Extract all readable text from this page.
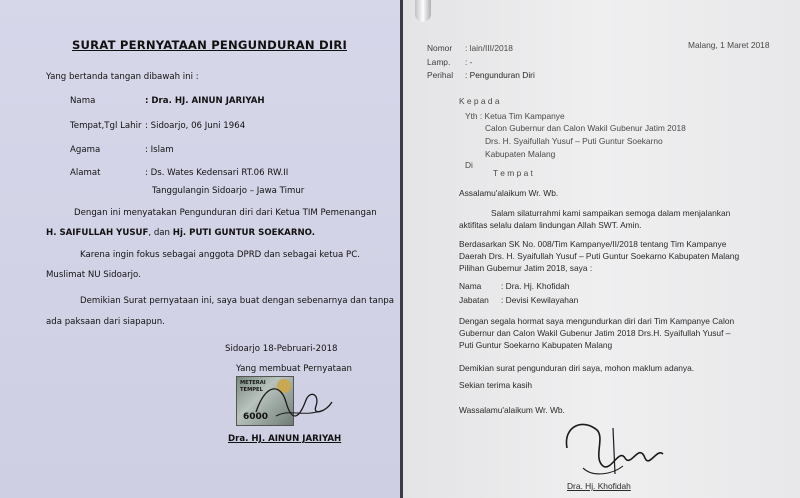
SURAT PERNYATAAN PENGUNDURAN DIRI
Yang bertanda tangan dibawah ini :
Nama	: Dra. HJ. AINUN JARIYAH
Tempat,Tgl Lahir : Sidoarjo, 06 Juni 1964
Agama	: Islam
Alamat	: Ds. Wates Kedensari RT.06 RW.II
Tanggulangin Sidoarjo – Jawa Timur
Dengan ini menyatakan Pengunduran diri dari Ketua TIM Pemenangan
H. SAIFULLAH YUSUF, dan Hj. PUTI GUNTUR SOEKARNO.
Karena ingin fokus sebagai anggota DPRD dan sebagai ketua PC.
Muslimat NU Sidoarjo.
Demikian Surat pernyataan ini, saya buat dengan sebenarnya dan tanpa
ada paksaan dari siapapun.
Sidoarjo 18-Pebruari-2018
Yang membuat Pernyataan
METERAI
TEMPEL
6000
Dra. HJ. AINUN JARIYAH
Nomor : lain/III/2018	Malang, 1 Maret 2018
Lamp. : -
Perihal : Pengunduran Diri
K e p a d a
Yth : Ketua Tim Kampanye
Calon Gubernur dan Calon Wakil Gubenur Jatim 2018
Drs. H. Syaifullah Yusuf – Puti Guntur Soekarno
Kabupaten Malang
Di
T e m p a t
Assalamu'alaikum Wr. Wb.
Salam silaturrahmi kami sampaikan semoga dalam menjalankan
aktifitas selalu dalam lindungan Allah SWT. Amin.
Berdasarkan SK No. 008/Tim Kampanye/II/2018 tentang Tim Kampanye
Daerah Drs. H. Syaifullah Yusuf – Puti Guntur Soekarno Kabupaten Malang
Pilihan Gubernur Jatim 2018, saya :
Nama : Dra. Hj. Khofidah
Jabatan : Devisi Kewilayahan
Dengan segala hormat saya mengundurkan diri dari Tim Kampanye Calon
Gubernur dan Calon Wakil Gubenur Jatim 2018 Drs.H. Syaifullah Yusuf –
Puti Guntur Soekarno Kabupaten Malang
Demikian surat pengunduran diri saya, mohon maklum adanya.
Sekian terima kasih
Wassalamu'alaikum Wr. Wb.
Dra. Hj. Khofidah
